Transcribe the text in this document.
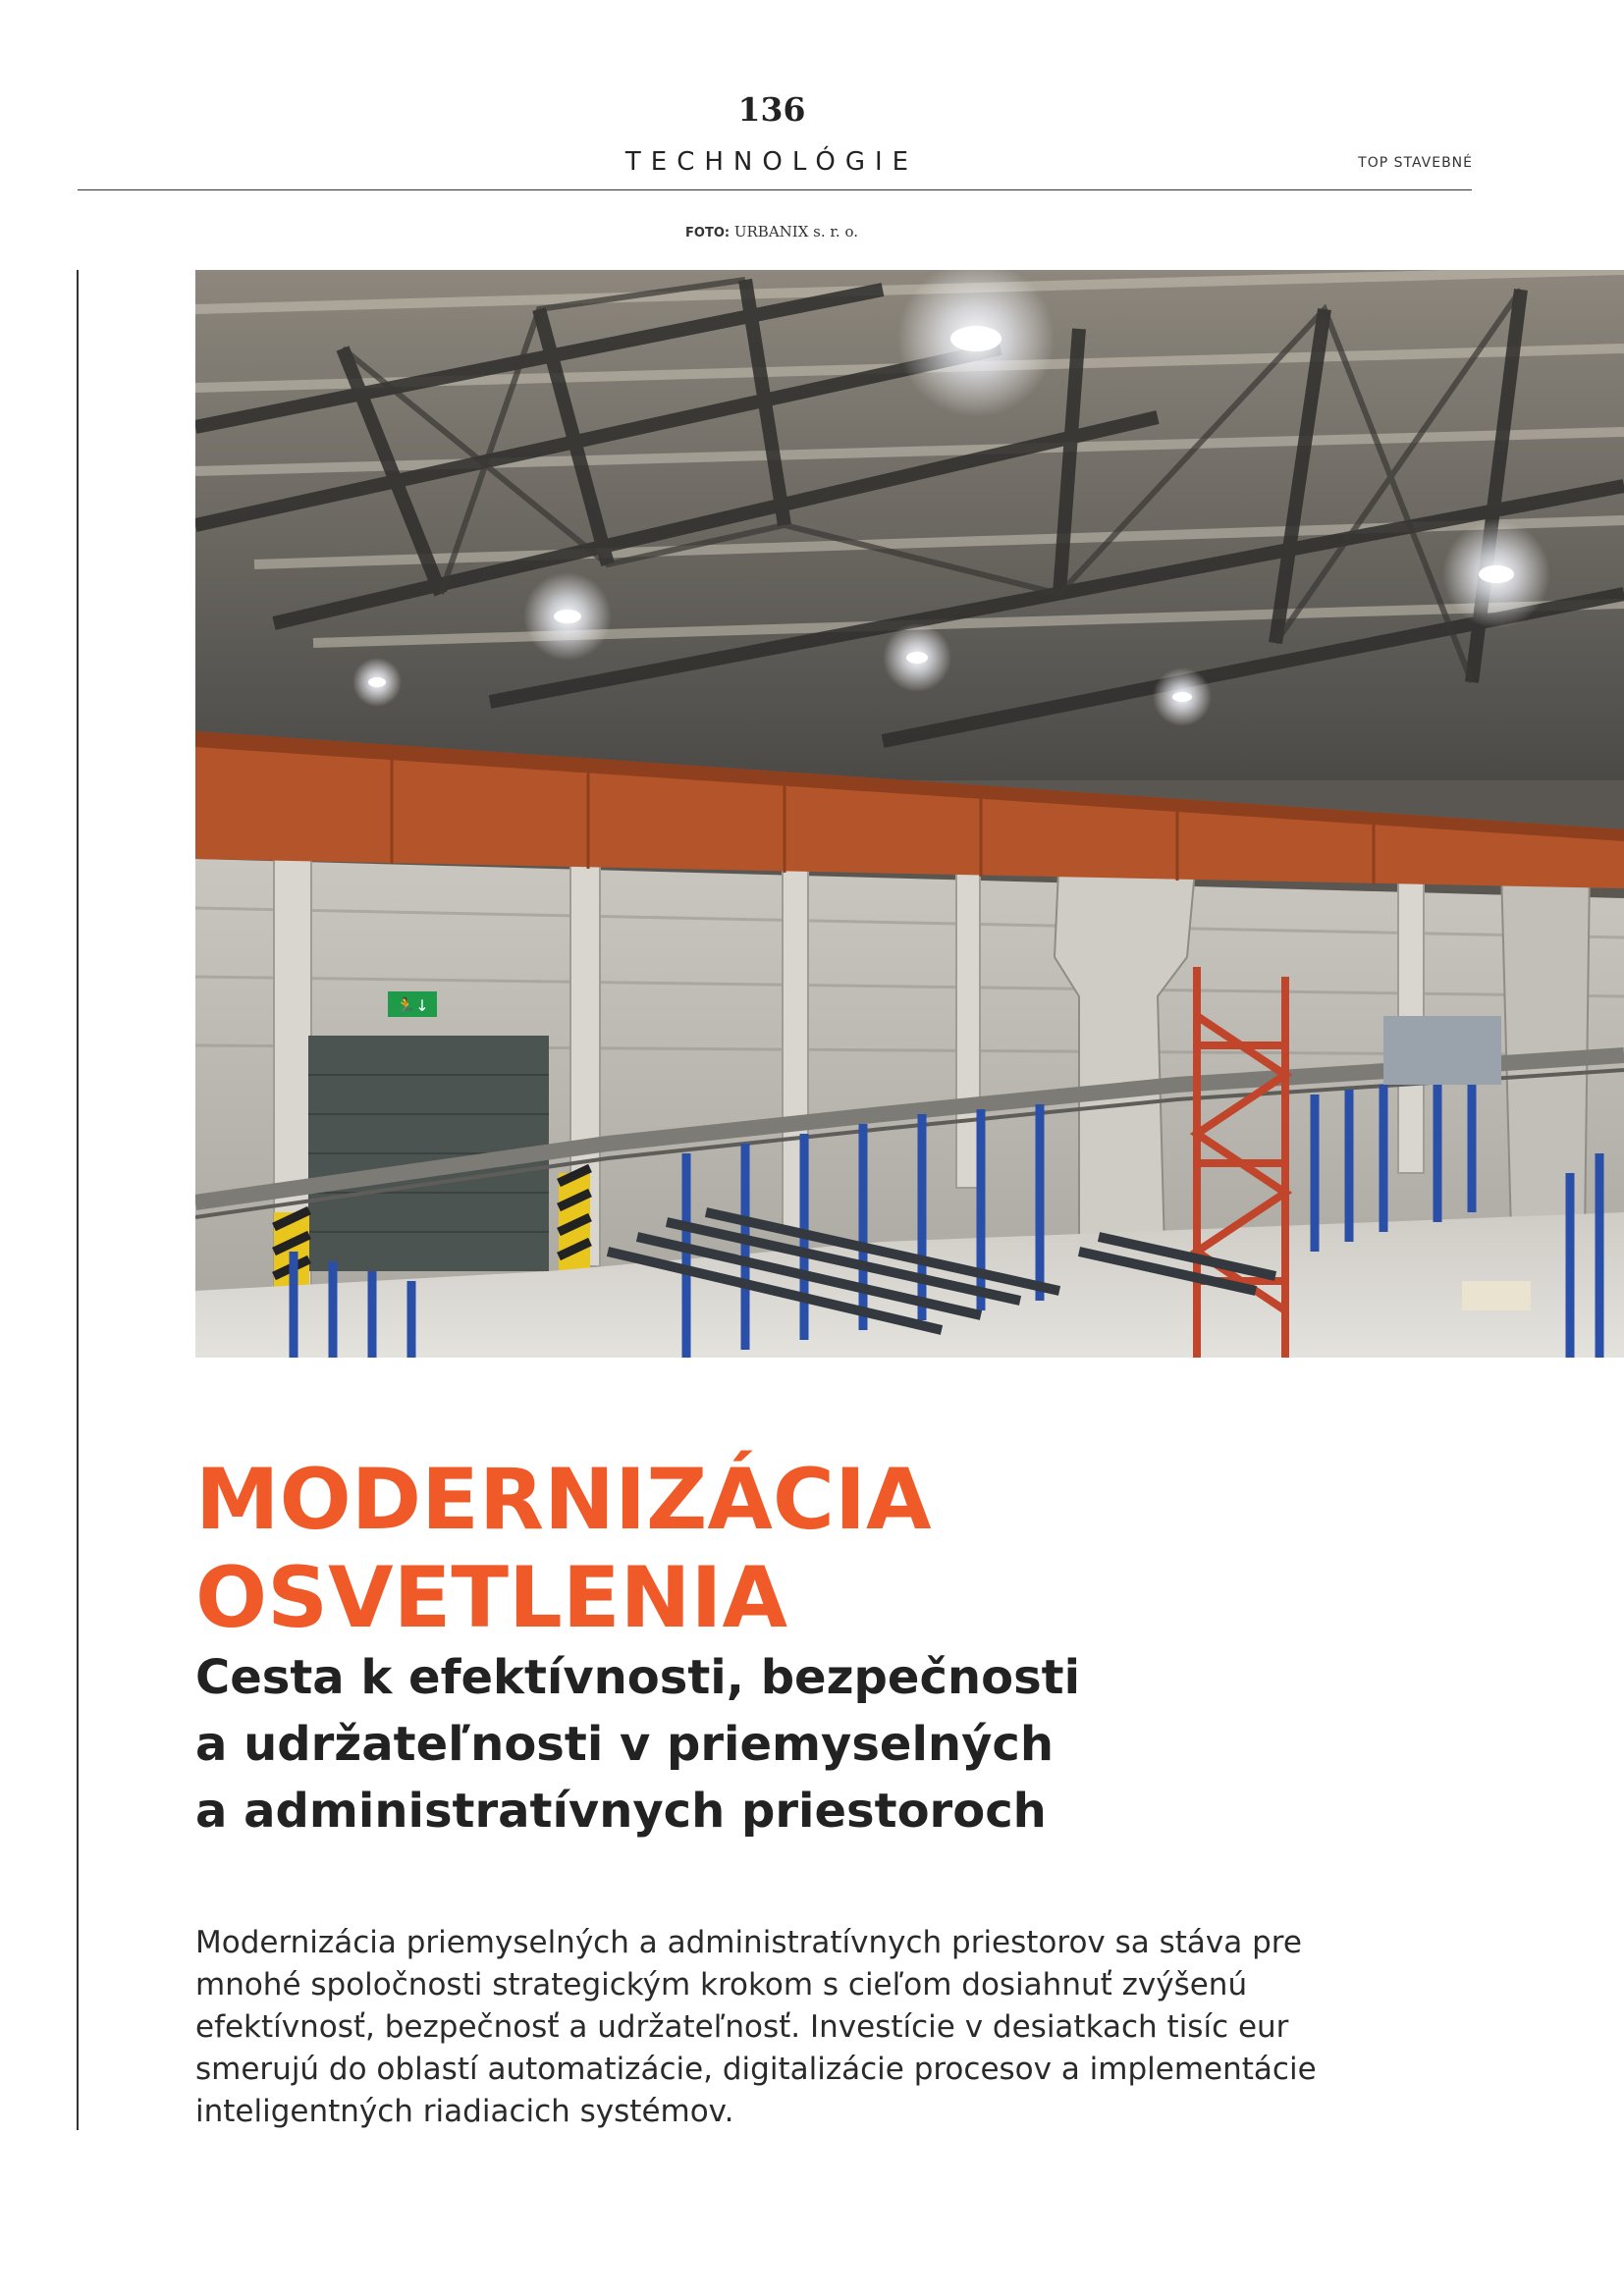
136
TECHNOLÓGIE	TOP STAVEBNÉ
FOTO: URBANIX s. r. o.
🏃↓
MODERNIZÁCIA
OSVETLENIA
Cesta k efektívnosti, bezpečnosti
a udržateľnosti v priemyselných
a administratívnych priestoroch

Modernizácia priemyselných a administratívnych priestorov sa stáva pre
mnohé spoločnosti strategickým krokom s cieľom dosiahnuť zvýšenú
efektívnosť, bezpečnosť a udržateľnosť. Investície v desiatkach tisíc eur
smerujú do oblastí automatizácie, digitalizácie procesov a implementácie
inteligentných riadiacich systémov.
